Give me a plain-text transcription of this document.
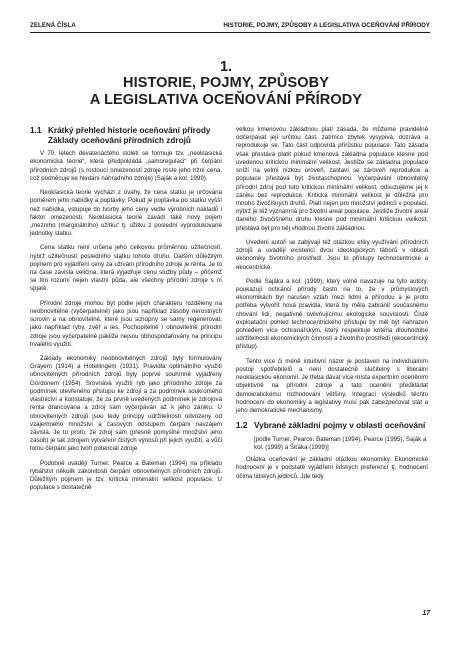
ZELENÁ ČÍSLA	HISTORIE, POJMY, ZPŮSOBY A LEGISLATIVA OCEŇOVÁNÍ PŘÍRODY
1.
HISTORIE, POJMY, ZPŮSOBY
A LEGISLATIVA OCEŇOVÁNÍ PŘÍRODY
1.1 Krátký přehled historie oceňování přírody Základy oceňování přírodních zdrojů

V 70. letech devatenáctého století se formuje tzv. „neoklasická ekonomická teorie“, která předpokládá „samoregulaci“ při čerpání přírodních zdrojů (s rostoucí omezeností zdroje roste jeho tržní cena, což podněcuje ke hledání náhradního zdroje) (Saják a kol. 1999).

Neoklasická teorie vychází z úvahy, že cena statku je určována poměrem jeho nabídky a poptávky. Pokud je poptávka po statku vyšší než nabídka, vstupuje do tvorby jeho ceny vedle výrobních nákladů i faktor omezenosti. Neoklasická teorie zavádí také nový pojem „mezního (marginálního) užitku“ tj. užitku z poslední vyprodukované jednotky statku.

Cena statku není určena jeho celkovou průměrnou užitečností, nýbrž užitečností posledního statku tohoto druhu. Dalším důležitým pojmem pro vyjádření ceny za užívání přírodního zdroje je renta. Je to na čase závislá veličina, která vyjadřuje cenu služby půdy – přičemž se tím rozumí nejen vlastní půda, ale všechny přírodní zdroje s ní spjaté.

Přírodní zdroje mohou být podle jejich charakteru rozděleny na neobnovitelné (vyčerpatelné) jako jsou například zásoby nerostných surovin a na obnovitelné, které jsou schopny se samy regenerovat, jako například ryby, zvěř a les. Pochopitelně i obnovitelné přírodní zdroje jsou vyčerpatelné pakliže nejsou obhospodařovány na principu trvalého využití.

Základy ekonomiky neobnovitelných zdrojů byly formulovány Grayem (1914) a Hotellingem (1931). Pravidla optimálního využití obnovitelných přírodních zdrojů byly poprvé souhrnně vyjádřeny Gordonem (1954). Srovnává využití ryb jako přírodního zdroje za podmínek otevřeného přístupu ke zdroji a za podmínek soukromého vlastnictví a konstatuje, že za prvně uvedených podmínek je zdrojová renta drancována a zdroj sám vyčerpáván až k jeho zániku. U obnovitelných zdrojů jsou tedy principy udržitelnosti odvozeny od vzájemného množství a časových odstupem čerpání navzájem závislá. Je to proto, že zdroj sám (přesně pomyslné množství jeho zásob) je tak zdrojem vytváření čistých výnosů při jejich využití, a vůči tomu čerpání jako tvoří potenciál zdroje.

Podobně uvádějí Turner, Pearce a Bateman (1994) na příkladu rybářství několik zákonitostí čerpání obnovitelných přírodních zdrojů. Důležitým pojmem je tzv. kritická minimální velikost populace. U populace s dostatečně

velkou kmenovou základnou platí zásada, že můžeme pravidelně odčerpávat její určitou část, zatímco zbytek vysypívá, dozrává a reprodukuje se. Tato část odpovídá přírůstku populace. Tato zásada však přestává platit pokud kmenová základna populace klesne pod uvedenou kritickou minimální velikost. Jestliže se základna populace sníží na velmi nízkou úroveň, zastaví se zároveň reprodukce a populace přestává být životaschopnou. Vyčerpávání obnovitelný přírodní zdroj pod tuto kritickou minimální velikost, odsuzujeme jej k zániku bez reprodukce. Kritická minimální velikost je důležitá pro mnoho živočišných druhů. Platí nejen pro množství jedinců v populaci, nýbrž je též významná pro životní areál populace. Jestliže životní areál daného živočišného druhu klesne pod minimální kritickou velikost, přestává být pro něj vhodnou životní základnou.

Uvedení autoři se zabývají též otázkou etiky využívání přírodních zdrojů a uvádějí existenci dvou ideologických táborů v oblasti ekonomiky životního prostředí. Jsou to přístupy technocentrické a ekocentrické.

Podle Sajáka a kol. (1999), který volně navazuje na tyto autory, poukazují ochránci přírody často na to, že v průmyslových ekonomikách byl narušen vztah mezi lidmi a přírodou a je proto potřeba vytvořit nová pravidla, která by měla zabránit současnému chování lidí, negativně ovlivňujícímu ekologické souvislosti. Čistě exploatační pohled technocentrického přístupu by měl být nahrazen pohledem více ochranářským, který respektuje kritéria dlouhodobé udržitelnosti ekonomických činností a životního prostředí (ekocentrický přístup).

Tento více či méně intuitivní názor je postaven na individuálním postoji spotřebitelů a není dostatečně slučitelný s liberální neoklasickou ekonomií. Je třeba dávat více místa expertním oceněním objektivně na přírodní zdroje a tato ocenění předkládat demokratickému rozhodování většiny. Integrací výsledků těchto hodnocení do ekonomiky a legislativy musí pak zabezpečovat stát a jeho demokratické mechanismy.

1.2 Vybrané základní pojmy v oblasti oceňování
[podle Turner, Pearce, Bateman (1994), Pearce (1995), Saják a kol. (1999) a Šiťáka (1999)]

Otázka oceňování je základní otázkou ekonomiky. Ekonomické hodnocení je v podstatě vyjádření lidských preferencí tj. hodnocení očima lidských jedinců. Jde tedy

17
